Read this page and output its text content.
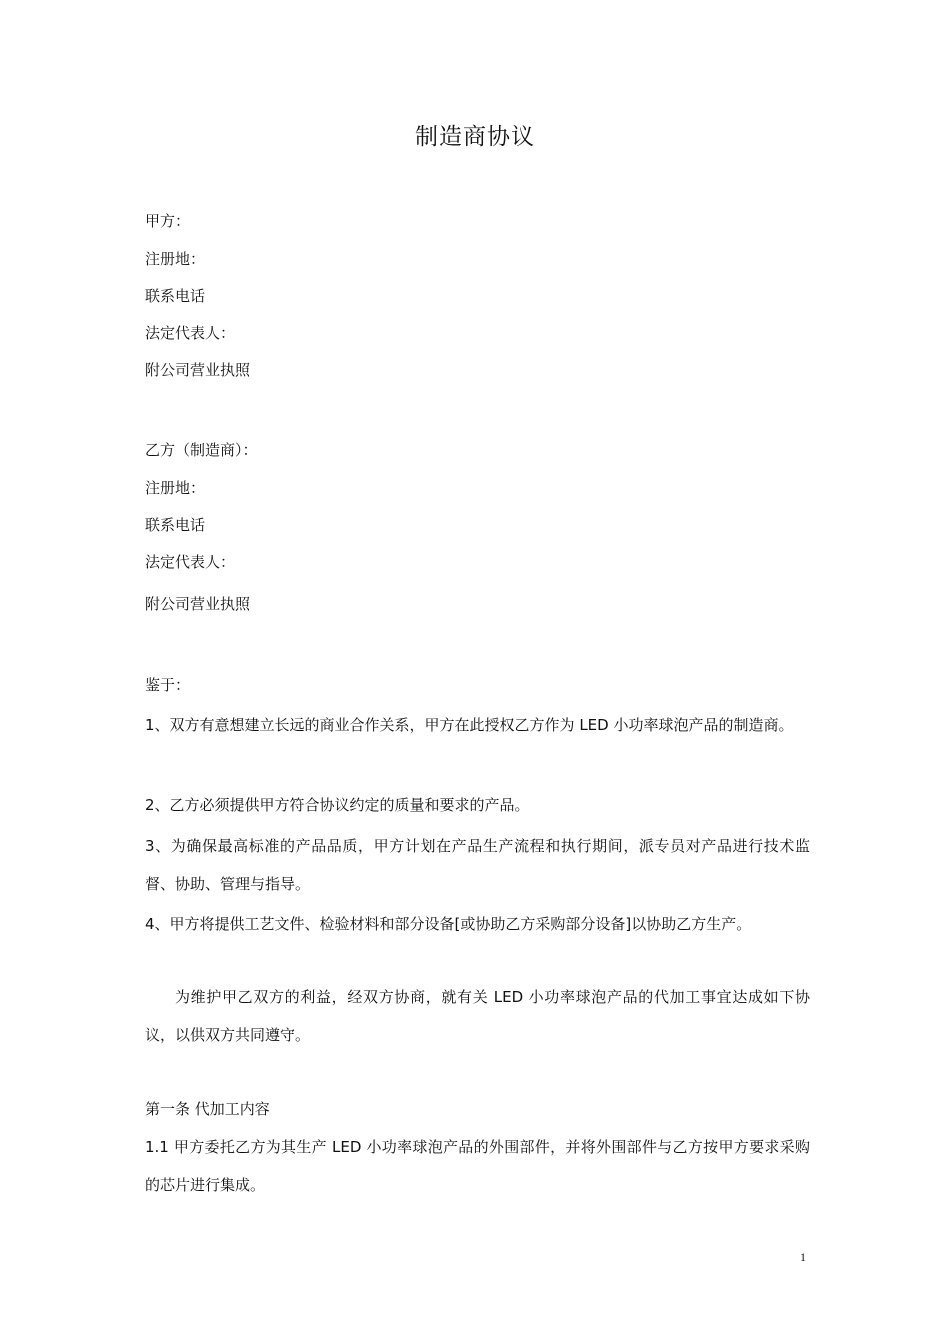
制造商协议
甲方：
注册地：
联系电话
法定代表人：
附公司营业执照
乙方（制造商）：
注册地：
联系电话
法定代表人：
附公司营业执照
鉴于：
1、双方有意想建立长远的商业合作关系，甲方在此授权乙方作为 LED 小功率球泡产品的制造商。
2、乙方必须提供甲方符合协议约定的质量和要求的产品。
3、为确保最高标准的产品品质，甲方计划在产品生产流程和执行期间，派专员对产品进行技术监督、协助、管理与指导。
4、甲方将提供工艺文件、检验材料和部分设备[或协助乙方采购部分设备]以协助乙方生产。
为维护甲乙双方的利益，经双方协商，就有关 LED 小功率球泡产品的代加工事宜达成如下协议，以供双方共同遵守。
第一条 代加工内容
1.1 甲方委托乙方为其生产 LED 小功率球泡产品的外围部件，并将外围部件与乙方按甲方要求采购的芯片进行集成。
1
